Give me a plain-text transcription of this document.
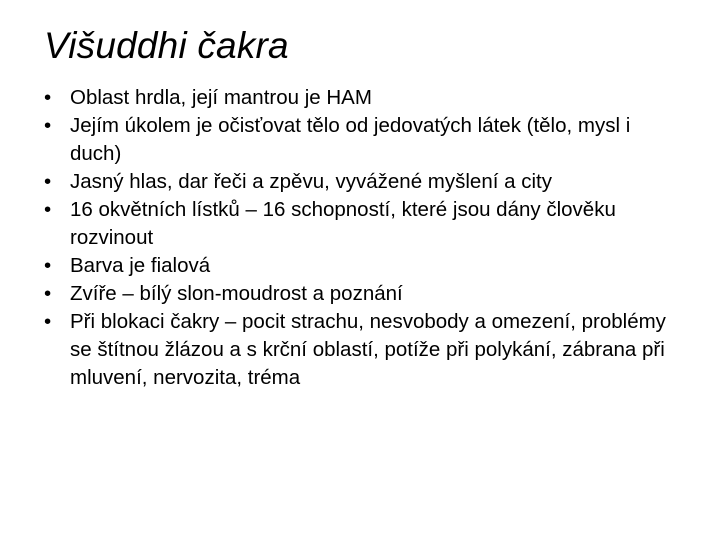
Višuddhi čakra
• Oblast hrdla, její mantrou je HAM
• Jejím úkolem je očisťovat tělo od jedovatých látek (tělo, mysl i duch)
• Jasný hlas, dar řeči a zpěvu, vyvážené myšlení a city
• 16 okvětních lístků – 16 schopností, které jsou dány člověku rozvinout
• Barva je fialová
• Zvíře – bílý slon-moudrost a poznání
• Při blokaci čakry – pocit strachu, nesvobody a omezení, problémy se štítnou žlázou a s krční oblastí, potíže při polykání, zábrana při mluvení, nervozita, tréma
